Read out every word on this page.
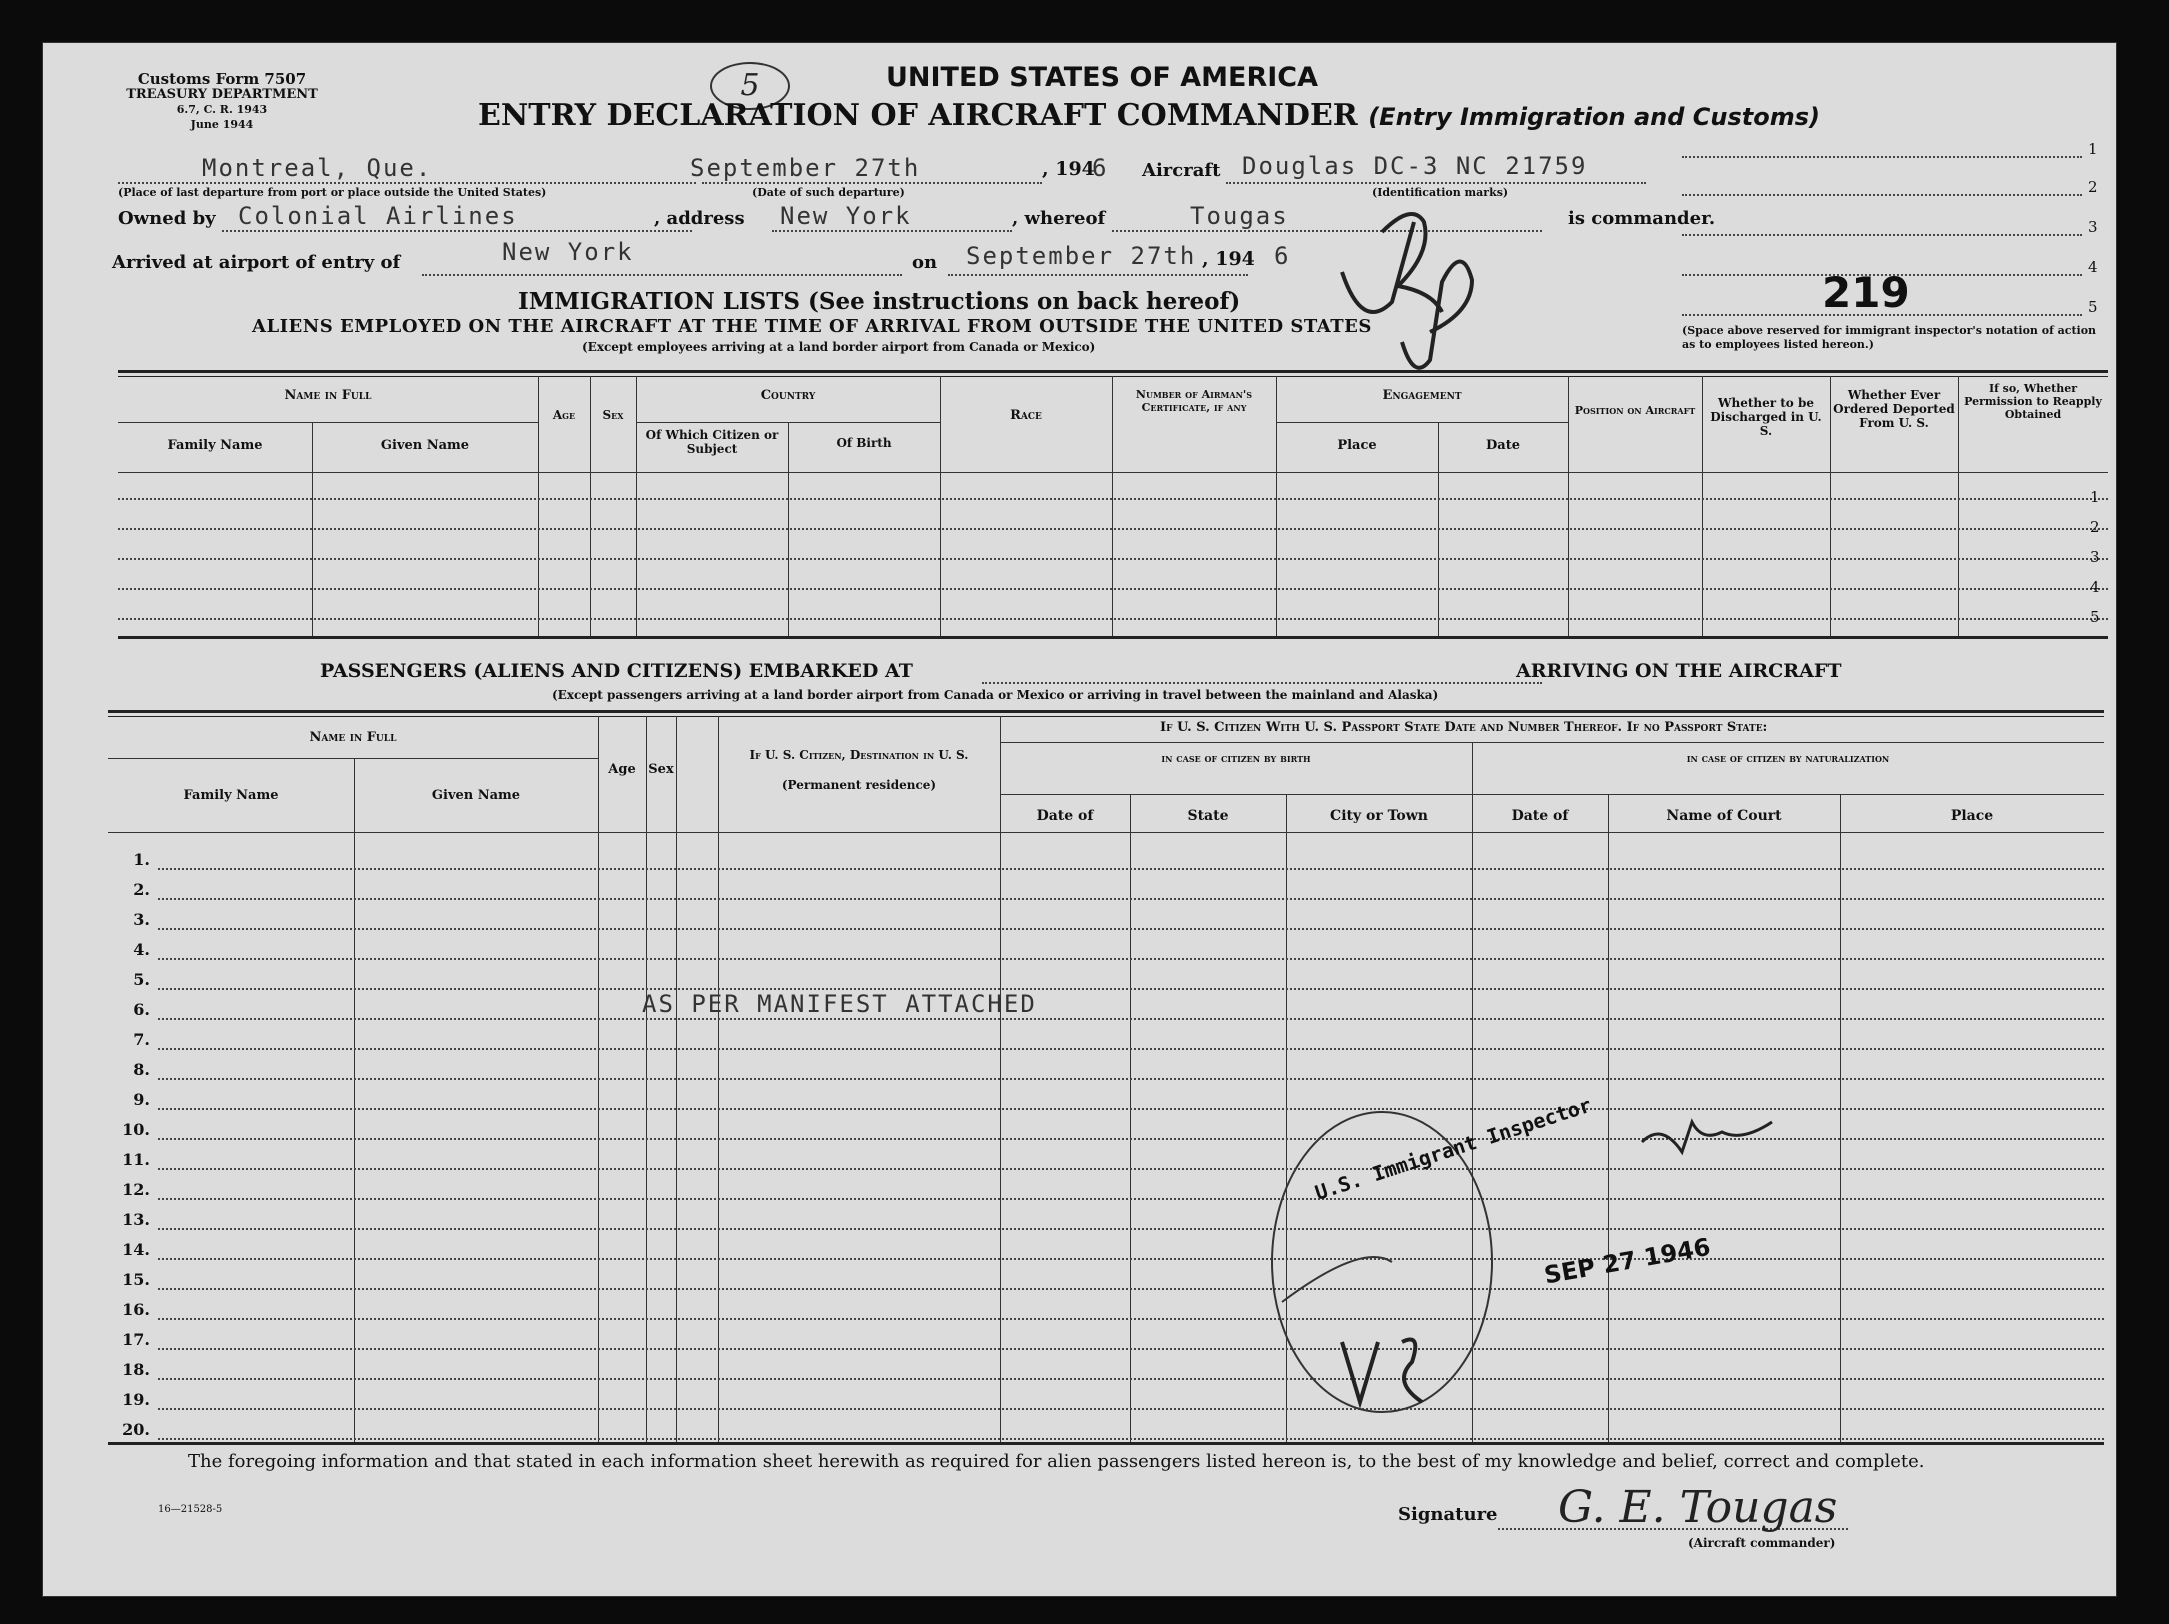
Customs Form 7507
TREASURY DEPARTMENT
6.7, C. R. 1943
June 1944
5	UNITED STATES OF AMERICA
ENTRY DECLARATION OF AIRCRAFT COMMANDER (Entry Immigration and Customs)
1
2
3
4
5
219
(Space above reserved for immigrant inspector's notation of action as to employees listed hereon.)
Montreal, Que.
(Place of last departure from port or place outside the United States)
September 27th
(Date of such departure)
, 194
6 Aircraft Douglas DC-3 NC 21759
(Identification marks)
Owned by Colonial Airlines	, address New York	, whereof	Tougas	is commander.
Arrived at airport of entry of	New York	on September 27th , 194 6
IMMIGRATION LISTS (See instructions on back hereof)
ALIENS EMPLOYED ON THE AIRCRAFT AT THE TIME OF ARRIVAL FROM OUTSIDE THE UNITED STATES
(Except employees arriving at a land border airport from Canada or Mexico)
Name in Full
Family Name	Given Name
Age	Sex
Country
Of Which Citizen or Subject	Of Birth
Race
Number of Airman's Certificate, if any
Engagement
Place	Date
Position on Aircraft
Whether to be Discharged in U. S.
Whether Ever Ordered Deported From U. S.
If so, Whether Permission to Reapply Obtained
1
2
3
4
5
PASSENGERS (ALIENS AND CITIZENS) EMBARKED AT	ARRIVING ON THE AIRCRAFT
(Except passengers arriving at a land border airport from Canada or Mexico or arriving in travel between the mainland and Alaska)
Name in Full
Family Name	Given Name
Age Sex
If U. S. Citizen, Destination in U. S.
(Permanent residence)
If U. S. Citizen With U. S. Passport State Date and Number Thereof. If no Passport State:
in case of citizen by birth	in case of citizen by naturalization
Date of	State	City or Town	Date of	Name of Court	Place
1.
2.
3.
4.
5.
6.
7.
8.
9.
10.
11.
12.
13.
14.
15.
16.
17.
18.
19.
20.
AS PER MANIFEST ATTACHED
U.S. Immigrant Inspector
SEP 27 1946
The foregoing information and that stated in each information sheet herewith as required for alien passengers listed hereon is, to the best of my knowledge and belief, correct and complete.
16—21528-5	Signature G. E. Tougas
(Aircraft commander)
